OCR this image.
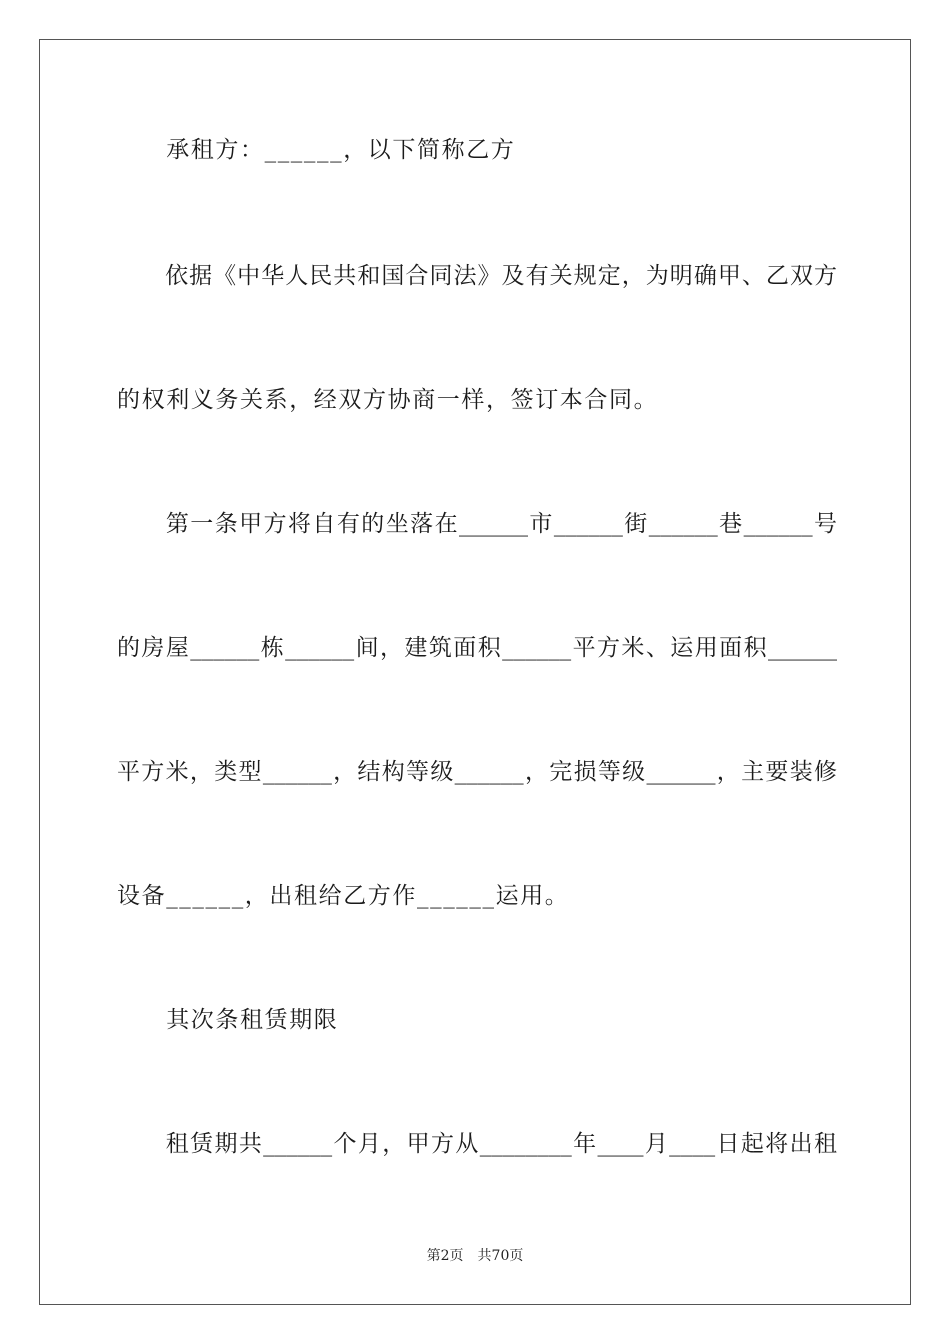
　　承租方：______，以下简称乙方
　　依据《中华人民共和国合同法》及有关规定，为明确甲、乙双方
的权利义务关系，经双方协商一样，签订本合同。
　　第一条甲方将自有的坐落在______市______街______巷______号
的房屋______栋______间，建筑面积______平方米、运用面积______
平方米，类型______，结构等级______，完损等级______，主要装修
设备______，出租给乙方作______运用。
　　其次条租赁期限
　　租赁期共______个月，甲方从________年____月____日起将出租
第2页　共70页
